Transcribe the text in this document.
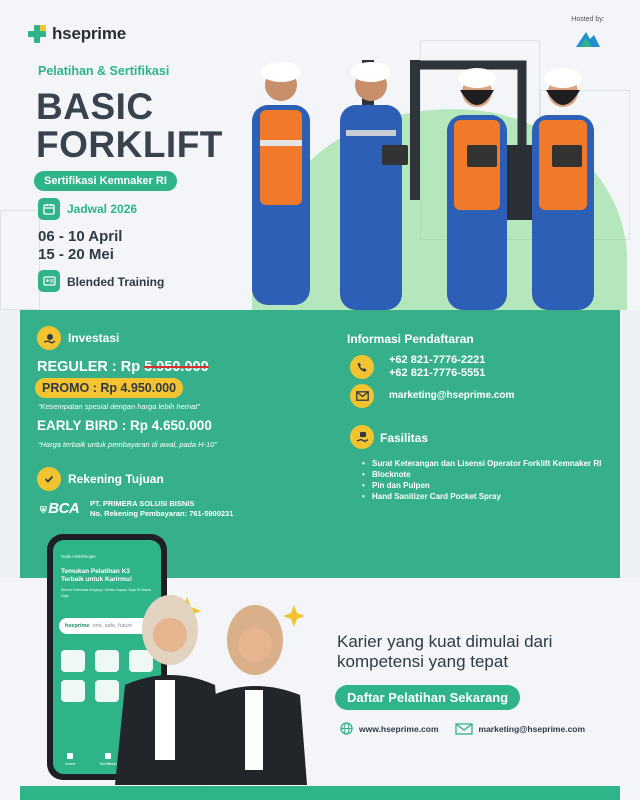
hseprime
Hosted by:
Pelatihan & Sertifikasi
BASIC
FORKLIFT
Sertifikasi Kemnaker RI
Jadwal 2026
06 - 10 April
15 - 20 Mei
Blended Training
Investasi
REGULER : Rp 5.950.000
PROMO : Rp 4.950.000
“Kesempatan spesial dengan harga lebih hemat”
EARLY BIRD : Rp 4.650.000
“Harga terbaik untuk pembayaran di awal, pada H-10”
Rekening Tujuan
⛨ BCA PT. PRIMERA SOLUSI BISNIS
No. Rekening Pembayaran: 761-5900231
Informasi Pendaftaran
+62 821-7776-2221
+62 821-7776-5551
marketing@hseprime.com
Fasilitas
• Surat Keterangan dan Lisensi Operator Forklift Kemnaker RI
• Blocknote
• Pin dan Pulpen
• Hand Sanitizer Card Pocket Spray
Hallo HSEPeople
Temukan Pelatihan K3 Terbaik untuk Karirmu!
Belum informasi lengkap, Daftar Kapan Saja Di Mana Saja
hseprime one, safe, future
Home	Sertifikasi
Karier yang kuat dimulai dari
kompetensi yang tepat
Daftar Pelatihan Sekarang
www.hseprime.com	marketing@hseprime.com
